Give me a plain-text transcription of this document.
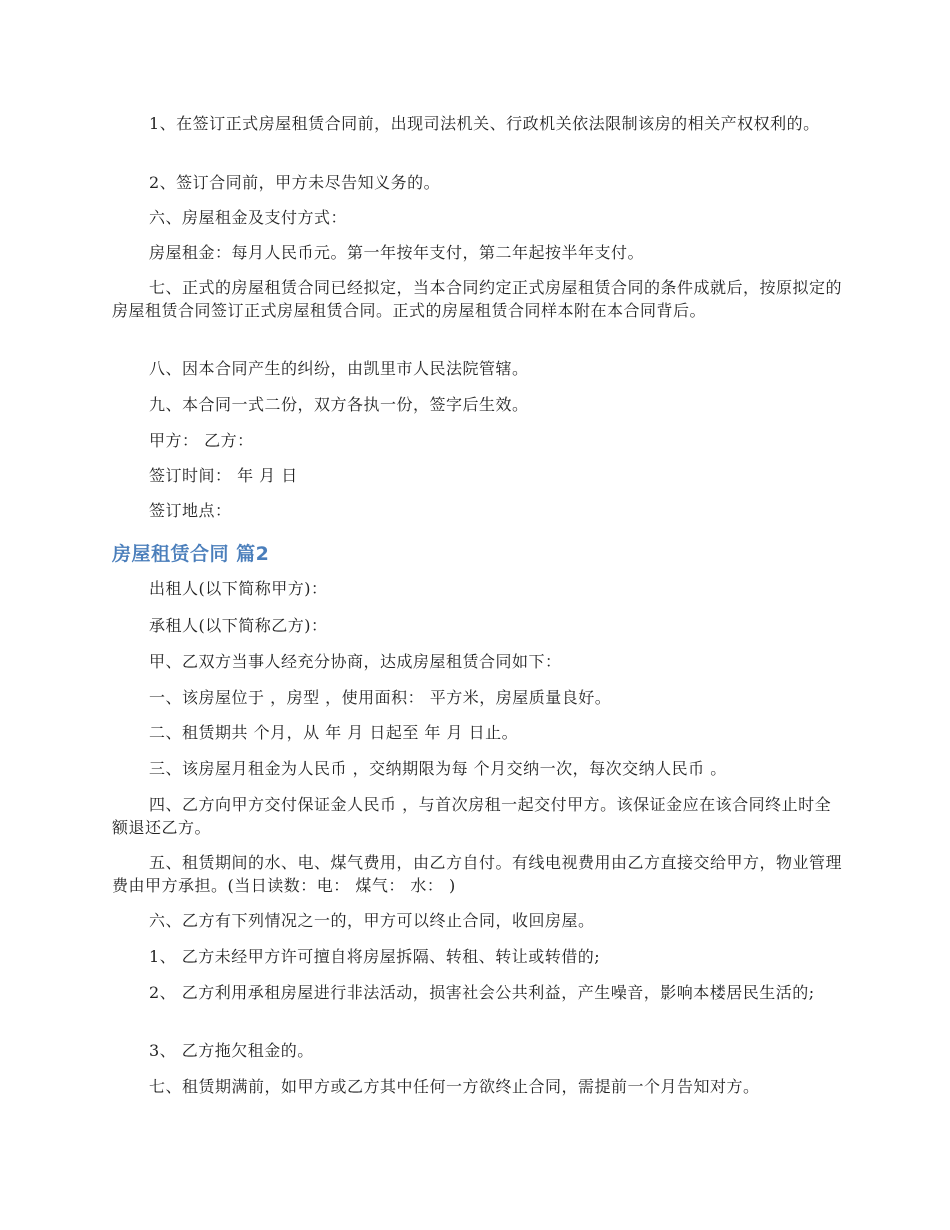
1、在签订正式房屋租赁合同前，出现司法机关、行政机关依法限制该房的相关产权权利的。

2、签订合同前，甲方未尽告知义务的。

六、房屋租金及支付方式：

房屋租金：每月人民币元。第一年按年支付，第二年起按半年支付。

七、正式的房屋租赁合同已经拟定，当本合同约定正式房屋租赁合同的条件成就后，按原拟定的房屋租赁合同签订正式房屋租赁合同。正式的房屋租赁合同样本附在本合同背后。

八、因本合同产生的纠纷，由凯里市人民法院管辖。

九、本合同一式二份，双方各执一份，签字后生效。

甲方： 乙方：

签订时间： 年 月 日

签订地点：

房屋租赁合同 篇2

出租人(以下简称甲方)：

承租人(以下简称乙方)：

甲、乙双方当事人经充分协商，达成房屋租赁合同如下：

一、该房屋位于 ，房型 ，使用面积： 平方米，房屋质量良好。

二、租赁期共 个月，从 年 月 日起至 年 月 日止。

三、该房屋月租金为人民币 ，交纳期限为每 个月交纳一次，每次交纳人民币 。

四、乙方向甲方交付保证金人民币 ，与首次房租一起交付甲方。该保证金应在该合同终止时全额退还乙方。

五、租赁期间的水、电、煤气费用，由乙方自付。有线电视费用由乙方直接交给甲方，物业管理费由甲方承担。(当日读数：电： 煤气： 水： )

六、乙方有下列情况之一的，甲方可以终止合同，收回房屋。

1、 乙方未经甲方许可擅自将房屋拆隔、转租、转让或转借的;

2、 乙方利用承租房屋进行非法活动，损害社会公共利益，产生噪音，影响本楼居民生活的;

3、 乙方拖欠租金的。

七、租赁期满前，如甲方或乙方其中任何一方欲终止合同，需提前一个月告知对方。
